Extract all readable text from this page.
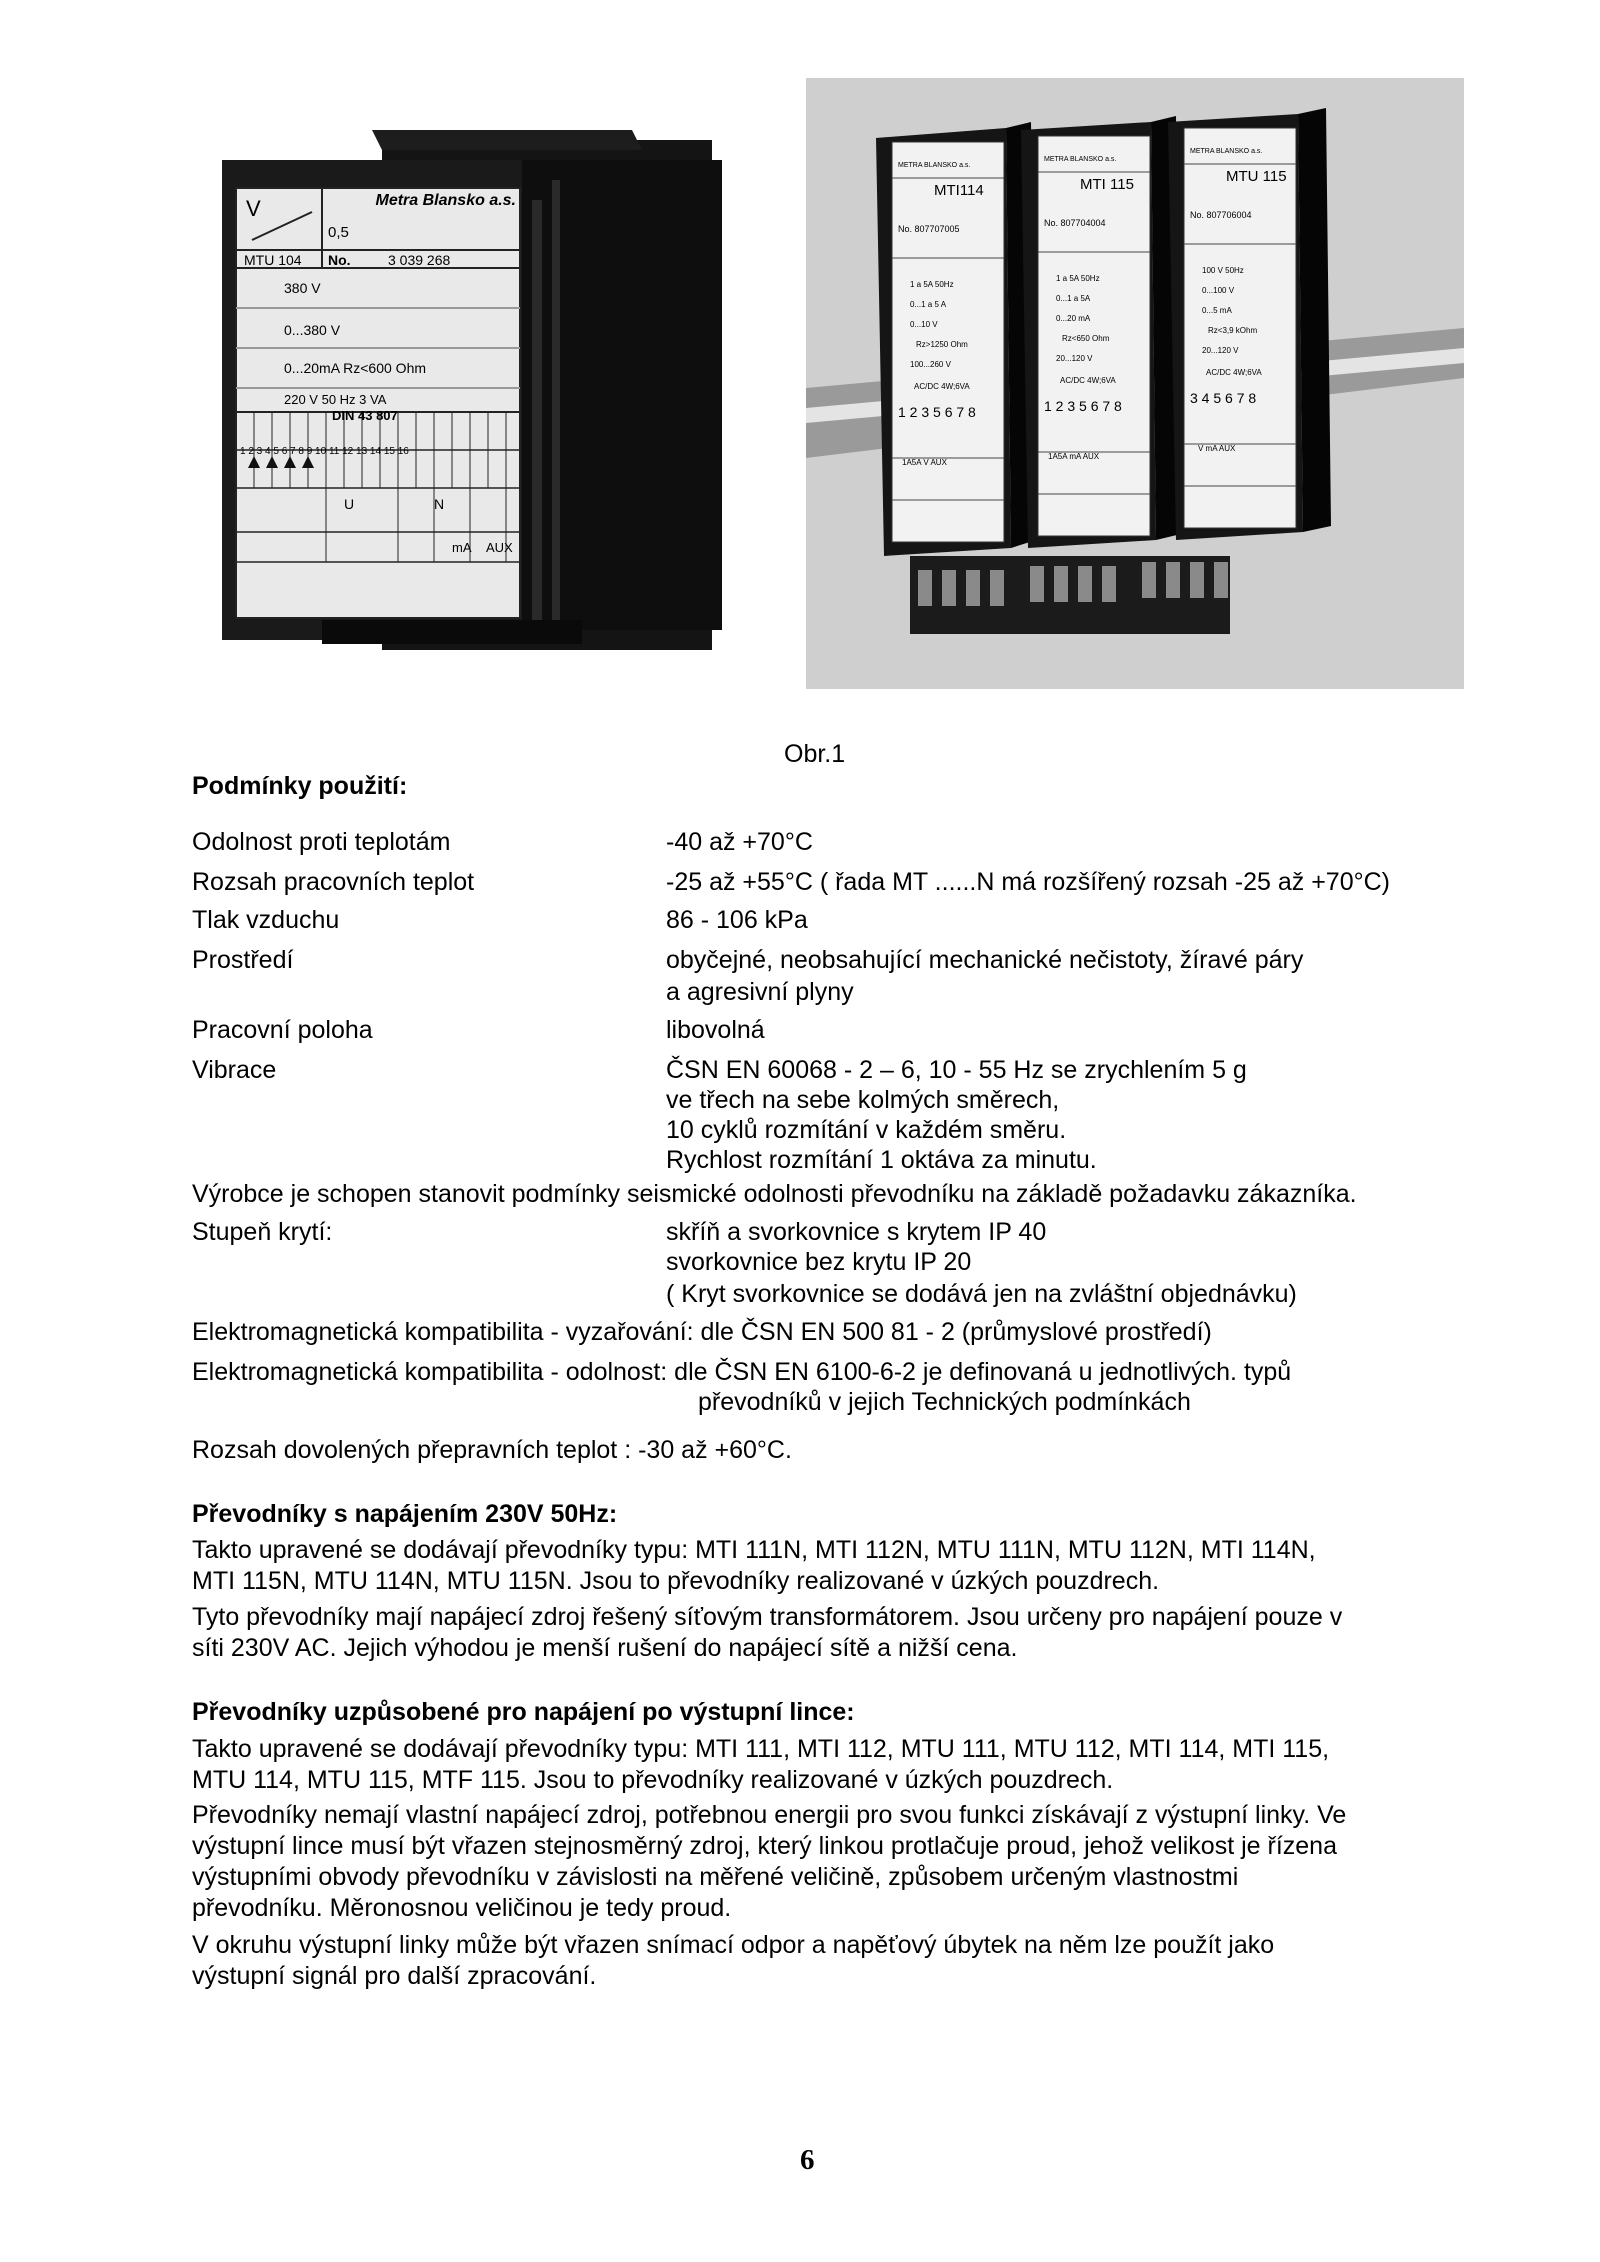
Metra Blansko a.s.
V
0,5
MTU 104 No.	3 039 268
380 V
0...380 V
0...20mA Rz<600 Ohm
220 V 50 Hz 3 VA
DIN 43 807
1 2 3 4 5 6 7 8 9 10 11 12 13 14 15 16
U	N
mA AUX
METRA BLANSKO a.s.
MTI114
No. 807707005
1 a 5A 50Hz
0...1 a 5 A
0...10 V
Rz>1250 Ohm
100...260 V
AC/DC 4W;6VA
1 2 3 5 6 7 8
1A5A V AUX
METRA BLANSKO a.s.
MTI 115
No. 807704004
1 a 5A 50Hz
0...1 a 5A
0...20 mA
Rz<650 Ohm
20...120 V
AC/DC 4W;6VA
1 2 3 5 6 7 8
1A5A mA AUX
METRA BLANSKO a.s.
MTU 115
No. 807706004
100 V 50Hz
0...100 V
0...5 mA
Rz<3,9 kOhm
20...120 V
AC/DC 4W;6VA
3 4 5 6 7 8
V mA AUX
Obr.1
Podmínky použití:
Odolnost proti teplotám	-40 až +70°C
Rozsah pracovních teplot	-25 až +55°C ( řada MT ......N má rozšířený rozsah -25 až +70°C)
Tlak vzduchu	86 - 106 kPa
Prostředí	obyčejné, neobsahující mechanické nečistoty, žíravé páry
a agresivní plyny
Pracovní poloha	libovolná
Vibrace	ČSN EN 60068 - 2 – 6, 10 - 55 Hz se zrychlením 5 g
ve třech na sebe kolmých směrech,
10 cyklů rozmítání v každém směru.
Rychlost rozmítání 1 oktáva za minutu.
Výrobce je schopen stanovit podmínky seismické odolnosti převodníku na základě požadavku zákazníka.
Stupeň krytí:	skříň a svorkovnice s krytem IP 40
svorkovnice bez krytu IP 20
( Kryt svorkovnice se dodává jen na zvláštní objednávku)
Elektromagnetická kompatibilita - vyzařování: dle ČSN EN 500 81 - 2 (průmyslové prostředí)
Elektromagnetická kompatibilita - odolnost: dle ČSN EN 6100-6-2 je definovaná u jednotlivých. typů
převodníků v jejich Technických podmínkách
Rozsah dovolených přepravních teplot : -30 až +60°C.
Převodníky s napájením 230V 50Hz:
Takto upravené se dodávají převodníky typu: MTI 111N, MTI 112N, MTU 111N, MTU 112N, MTI 114N,
MTI 115N, MTU 114N, MTU 115N. Jsou to převodníky realizované v úzkých pouzdrech.
Tyto převodníky mají napájecí zdroj řešený síťovým transformátorem. Jsou určeny pro napájení pouze v
síti 230V AC. Jejich výhodou je menší rušení do napájecí sítě a nižší cena.
Převodníky uzpůsobené pro napájení po výstupní lince:
Takto upravené se dodávají převodníky typu: MTI 111, MTI 112, MTU 111, MTU 112, MTI 114, MTI 115,
MTU 114, MTU 115, MTF 115. Jsou to převodníky realizované v úzkých pouzdrech.
Převodníky nemají vlastní napájecí zdroj, potřebnou energii pro svou funkci získávají z výstupní linky. Ve
výstupní lince musí být vřazen stejnosměrný zdroj, který linkou protlačuje proud, jehož velikost je řízena
výstupními obvody převodníku v závislosti na měřené veličině, způsobem určeným vlastnostmi
převodníku. Měronosnou veličinou je tedy proud.
V okruhu výstupní linky může být vřazen snímací odpor a napěťový úbytek na něm lze použít jako
výstupní signál pro další zpracování.
6
